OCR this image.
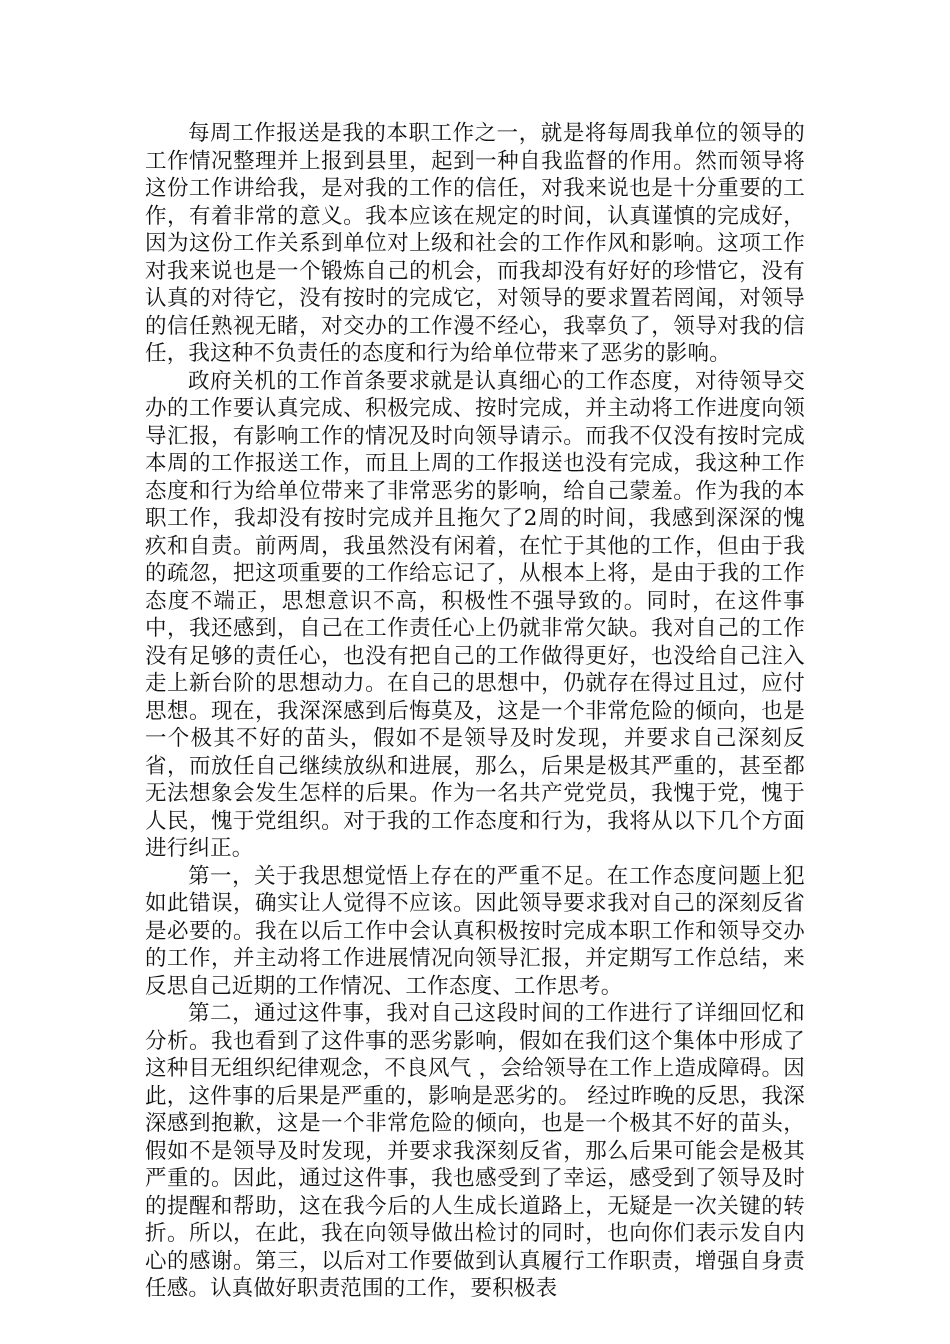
每周工作报送是我的本职工作之一，就是将每周我单位的领导的工作情况整理并上报到县里，起到一种自我监督的作用。然而领导将这份工作讲给我，是对我的工作的信任，对我来说也是十分重要的工作，有着非常的意义。我本应该在规定的时间，认真谨慎的完成好，因为这份工作关系到单位对上级和社会的工作作风和影响。这项工作对我来说也是一个锻炼自己的机会，而我却没有好好的珍惜它，没有认真的对待它，没有按时的完成它，对领导的要求置若罔闻，对领导的信任熟视无睹，对交办的工作漫不经心，我辜负了，领导对我的信任，我这种不负责任的态度和行为给单位带来了恶劣的影响。

政府关机的工作首条要求就是认真细心的工作态度，对待领导交办的工作要认真完成、积极完成、按时完成，并主动将工作进度向领导汇报，有影响工作的情况及时向领导请示。而我不仅没有按时完成本周的工作报送工作，而且上周的工作报送也没有完成，我这种工作态度和行为给单位带来了非常恶劣的影响，给自己蒙羞。作为我的本职工作，我却没有按时完成并且拖欠了2周的时间，我感到深深的愧疚和自责。前两周，我虽然没有闲着，在忙于其他的工作，但由于我的疏忽，把这项重要的工作给忘记了，从根本上将，是由于我的工作态度不端正，思想意识不高，积极性不强导致的。同时，在这件事中，我还感到，自己在工作责任心上仍就非常欠缺。我对自己的工作没有足够的责任心，也没有把自己的工作做得更好，也没给自己注入走上新台阶的思想动力。在自己的思想中，仍就存在得过且过，应付思想。现在，我深深感到后悔莫及，这是一个非常危险的倾向，也是一个极其不好的苗头，假如不是领导及时发现，并要求自己深刻反省，而放任自己继续放纵和进展，那么，后果是极其严重的，甚至都无法想象会发生怎样的后果。作为一名共产党党员，我愧于党，愧于人民，愧于党组织。对于我的工作态度和行为，我将从以下几个方面进行纠正。

第一，关于我思想觉悟上存在的严重不足。在工作态度问题上犯如此错误，确实让人觉得不应该。因此领导要求我对自己的深刻反省是必要的。我在以后工作中会认真积极按时完成本职工作和领导交办的工作，并主动将工作进展情况向领导汇报，并定期写工作总结，来反思自己近期的工作情况、工作态度、工作思考。

第二，通过这件事，我对自己这段时间的工作进行了详细回忆和分析。我也看到了这件事的恶劣影响，假如在我们这个集体中形成了这种目无组织纪律观念，不良风气 ，会给领导在工作上造成障碍。因此，这件事的后果是严重的，影响是恶劣的。 经过昨晚的反思，我深深感到抱歉，这是一个非常危险的倾向，也是一个极其不好的苗头，假如不是领导及时发现，并要求我深刻反省，那么后果可能会是极其严重的。因此，通过这件事，我也感受到了幸运，感受到了领导及时的提醒和帮助，这在我今后的人生成长道路上，无疑是一次关键的转折。所以，在此，我在向领导做出检讨的同时，也向你们表示发自内心的感谢。第三，以后对工作要做到认真履行工作职责，增强自身责任感。认真做好职责范围的工作，要积极表
